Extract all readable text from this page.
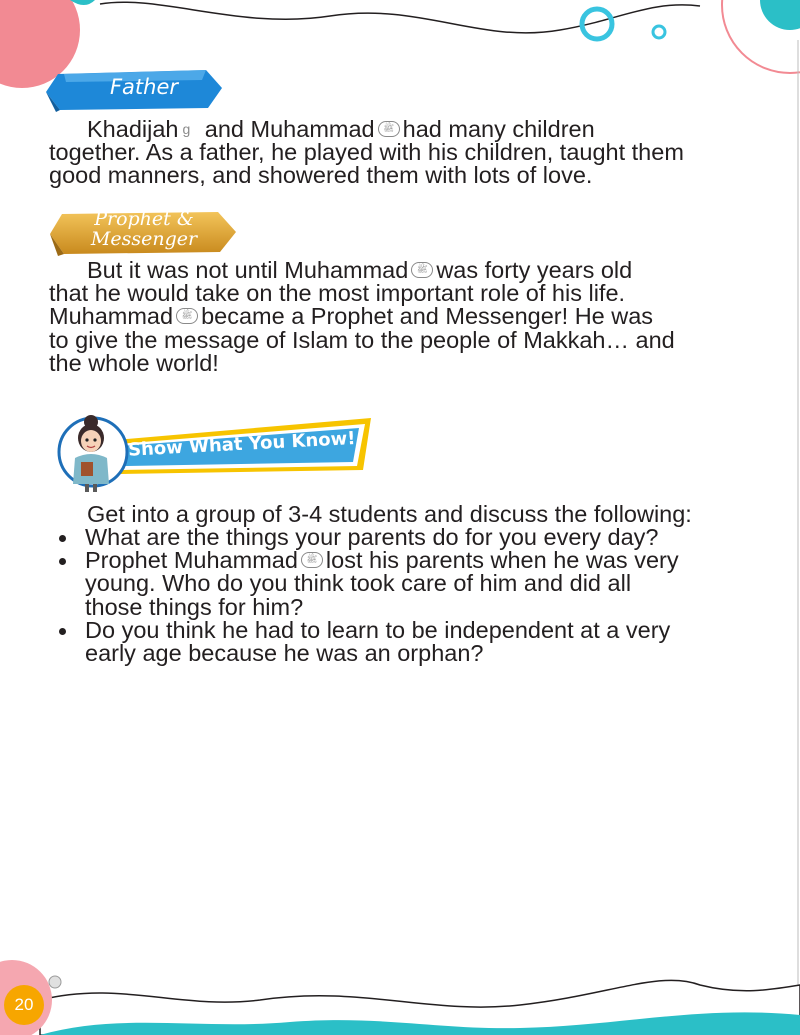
Father
Khadijah $^g$ and Muhammad ﷺ had many children
together. As a father, he played with his children, taught them
good manners, and showered them with lots of love.
Prophet &
Messenger
But it was not until Muhammad ﷺ was forty years old
that he would take on the most important role of his life.
Muhammad ﷺ became a Prophet and Messenger! He was
to give the message of Islam to the people of Makkah… and
the whole world!
Show What You Know!
Get into a group of 3-4 students and discuss the following:
What are the things your parents do for you every day?
Prophet Muhammad ﷺ lost his parents when he was very
young. Who do you think took care of him and did all
those things for him?
Do you think he had to learn to be independent at a very
early age because he was an orphan?
20
